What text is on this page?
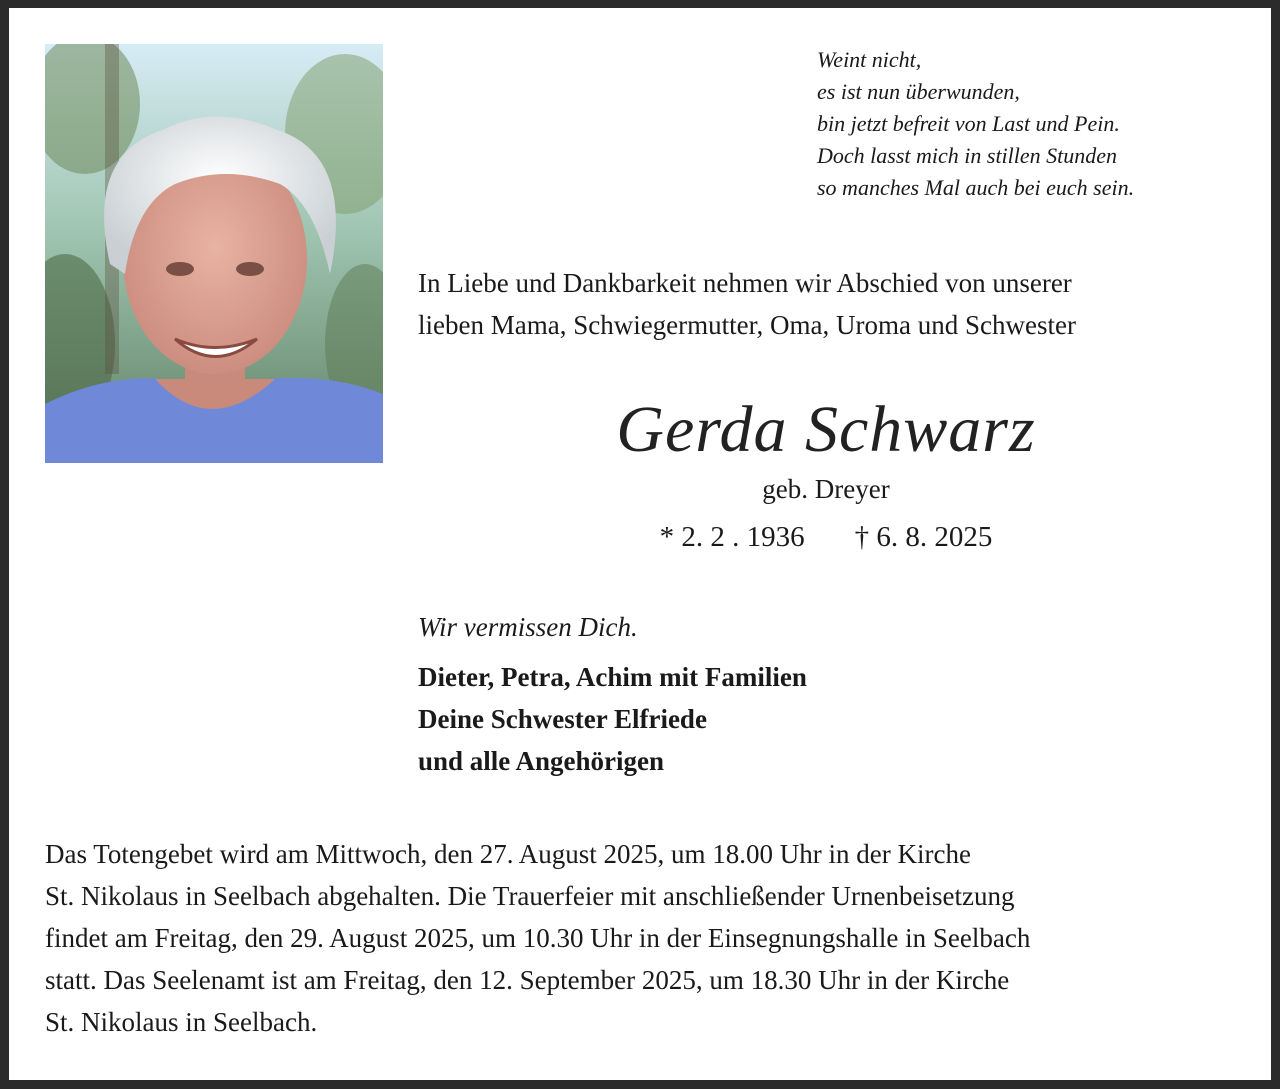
Weint nicht,
es ist nun überwunden,
bin jetzt befreit von Last und Pein.
Doch lasst mich in stillen Stunden
so manches Mal auch bei euch sein.
In Liebe und Dankbarkeit nehmen wir Abschied von unserer
lieben Mama, Schwiegermutter, Oma, Uroma und Schwester
Gerda Schwarz
geb. Dreyer
* 2. 2 . 1936 † 6. 8. 2025
Wir vermissen Dich.
Dieter, Petra, Achim mit Familien
Deine Schwester Elfriede
und alle Angehörigen
Das Totengebet wird am Mittwoch, den 27. August 2025, um 18.00 Uhr in der Kirche
St. Nikolaus in Seelbach abgehalten. Die Trauerfeier mit anschließender Urnenbeisetzung
findet am Freitag, den 29. August 2025, um 10.30 Uhr in der Einsegnungshalle in Seelbach
statt. Das Seelenamt ist am Freitag, den 12. September 2025, um 18.30 Uhr in der Kirche
St. Nikolaus in Seelbach.
